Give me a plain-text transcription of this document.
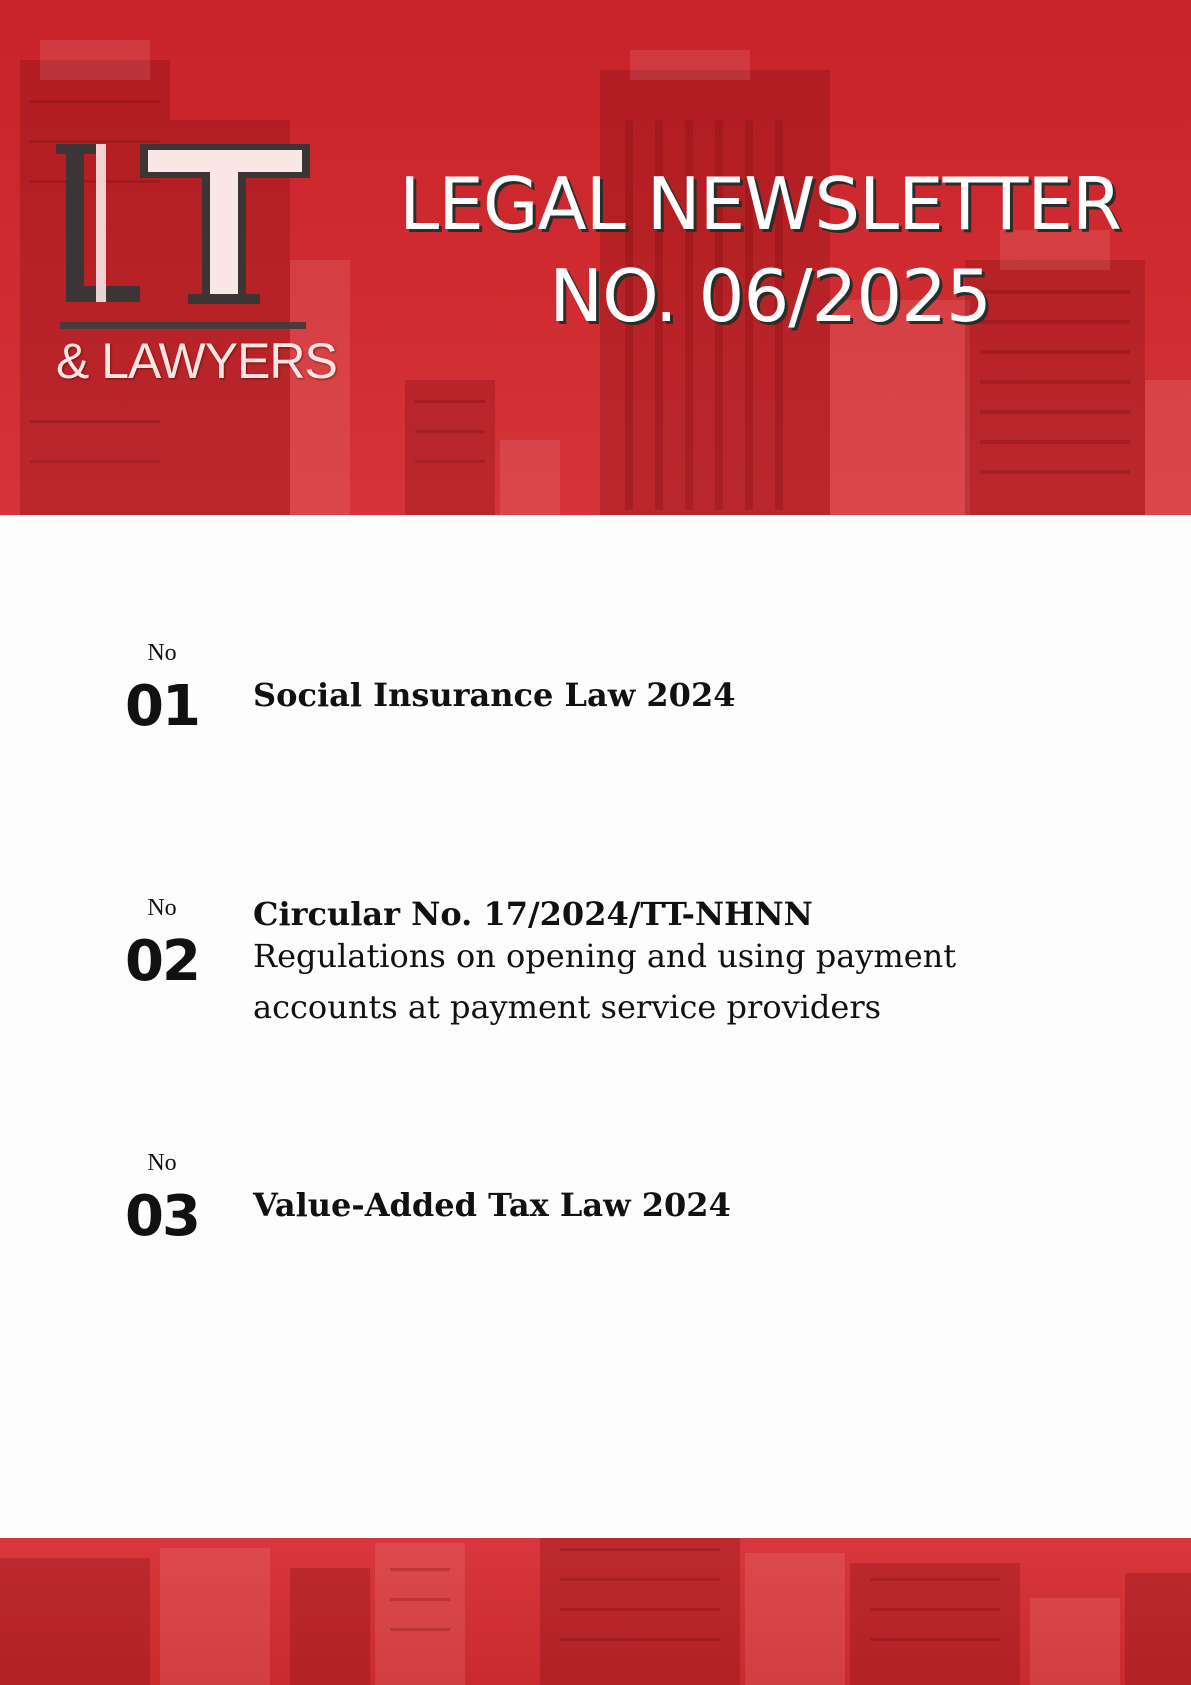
& LAWYERS
LEGAL NEWSLETTER
NO. 06/2025
No
01	Social Insurance Law 2024
No
02
Circular No. 17/2024/TT-NHNN
Regulations on opening and using payment accounts at payment service providers
No
03	Value-Added Tax Law 2024
